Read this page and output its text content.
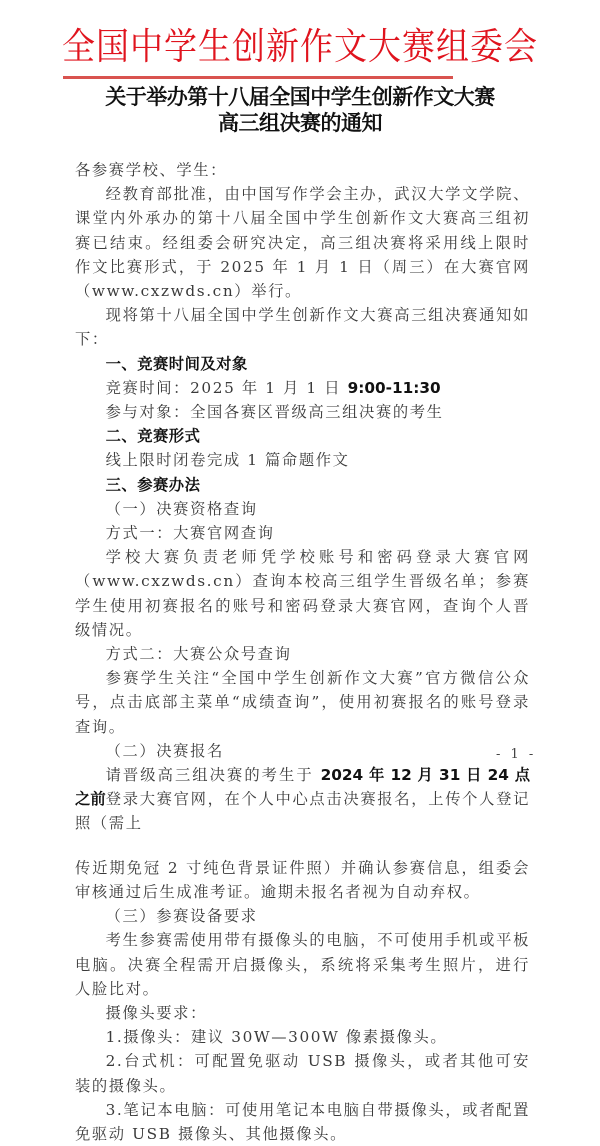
全国中学生创新作文大赛组委会
关于举办第十八届全国中学生创新作文大赛
高三组决赛的通知

各参赛学校、学生：

经教育部批准，由中国写作学会主办，武汉大学文学院、课堂内外承办的第十八届全国中学生创新作文大赛高三组初赛已结束。经组委会研究决定，高三组决赛将采用线上限时作文比赛形式，于 2025 年 1 月 1 日（周三）在大赛官网（www.cxzwds.cn）举行。

现将第十八届全国中学生创新作文大赛高三组决赛通知如下：

一、竞赛时间及对象

竞赛时间：2025 年 1 月 1 日 9:00-11:30

参与对象：全国各赛区晋级高三组决赛的考生

二、竞赛形式

线上限时闭卷完成 1 篇命题作文

三、参赛办法

（一）决赛资格查询

方式一：大赛官网查询

学校大赛负责老师凭学校账号和密码登录大赛官网（www.cxzwds.cn）查询本校高三组学生晋级名单；参赛学生使用初赛报名的账号和密码登录大赛官网，查询个人晋级情况。

方式二：大赛公众号查询

参赛学生关注“全国中学生创新作文大赛”官方微信公众号，点击底部主菜单“成绩查询”，使用初赛报名的账号登录查询。

（二）决赛报名

请晋级高三组决赛的考生于 2024 年 12 月 31 日 24 点之前登录大赛官网，在个人中心点击决赛报名，上传个人登记照（需上

传近期免冠 2 寸纯色背景证件照）并确认参赛信息，组委会审核通过后生成准考证。逾期未报名者视为自动弃权。

（三）参赛设备要求

考生参赛需使用带有摄像头的电脑，不可使用手机或平板电脑。决赛全程需开启摄像头，系统将采集考生照片，进行人脸比对。

摄像头要求：

1.摄像头：建议 30W—300W 像素摄像头。

2.台式机：可配置免驱动 USB 摄像头，或者其他可安装的摄像头。

3.笔记本电脑：可使用笔记本电脑自带摄像头，或者配置免驱动 USB 摄像头、其他摄像头。

- 1 -
